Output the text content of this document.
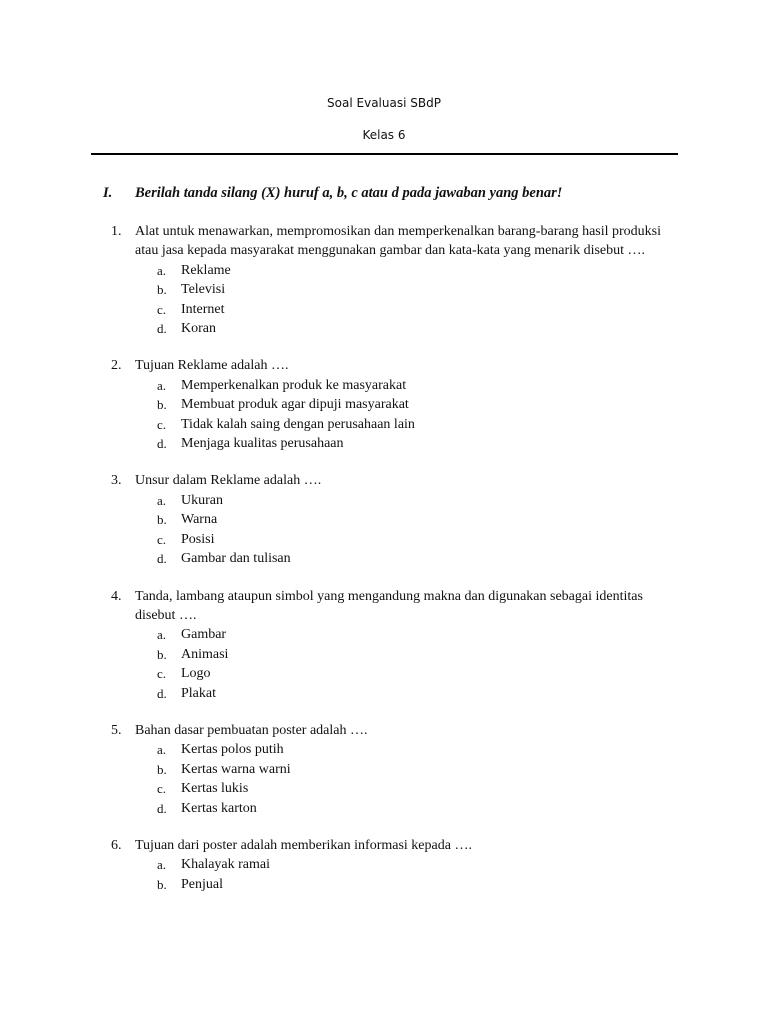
Soal Evaluasi SBdP
Kelas 6
I. Berilah tanda silang (X) huruf a, b, c atau d pada jawaban yang benar!
1. Alat untuk menawarkan, mempromosikan dan memperkenalkan barang-barang hasil produksi atau jasa kepada masyarakat menggunakan gambar dan kata-kata yang menarik disebut ….
a. Reklame
b. Televisi
c. Internet
d. Koran
2. Tujuan Reklame adalah ….
a. Memperkenalkan produk ke masyarakat
b. Membuat produk agar dipuji masyarakat
c. Tidak kalah saing dengan perusahaan lain
d. Menjaga kualitas perusahaan
3. Unsur dalam Reklame adalah ….
a. Ukuran
b. Warna
c. Posisi
d. Gambar dan tulisan
4. Tanda, lambang ataupun simbol yang mengandung makna dan digunakan sebagai identitas disebut ….
a. Gambar
b. Animasi
c. Logo
d. Plakat
5. Bahan dasar pembuatan poster adalah ….
a. Kertas polos putih
b. Kertas warna warni
c. Kertas lukis
d. Kertas karton
6. Tujuan dari poster adalah memberikan informasi kepada ….
a. Khalayak ramai
b. Penjual
